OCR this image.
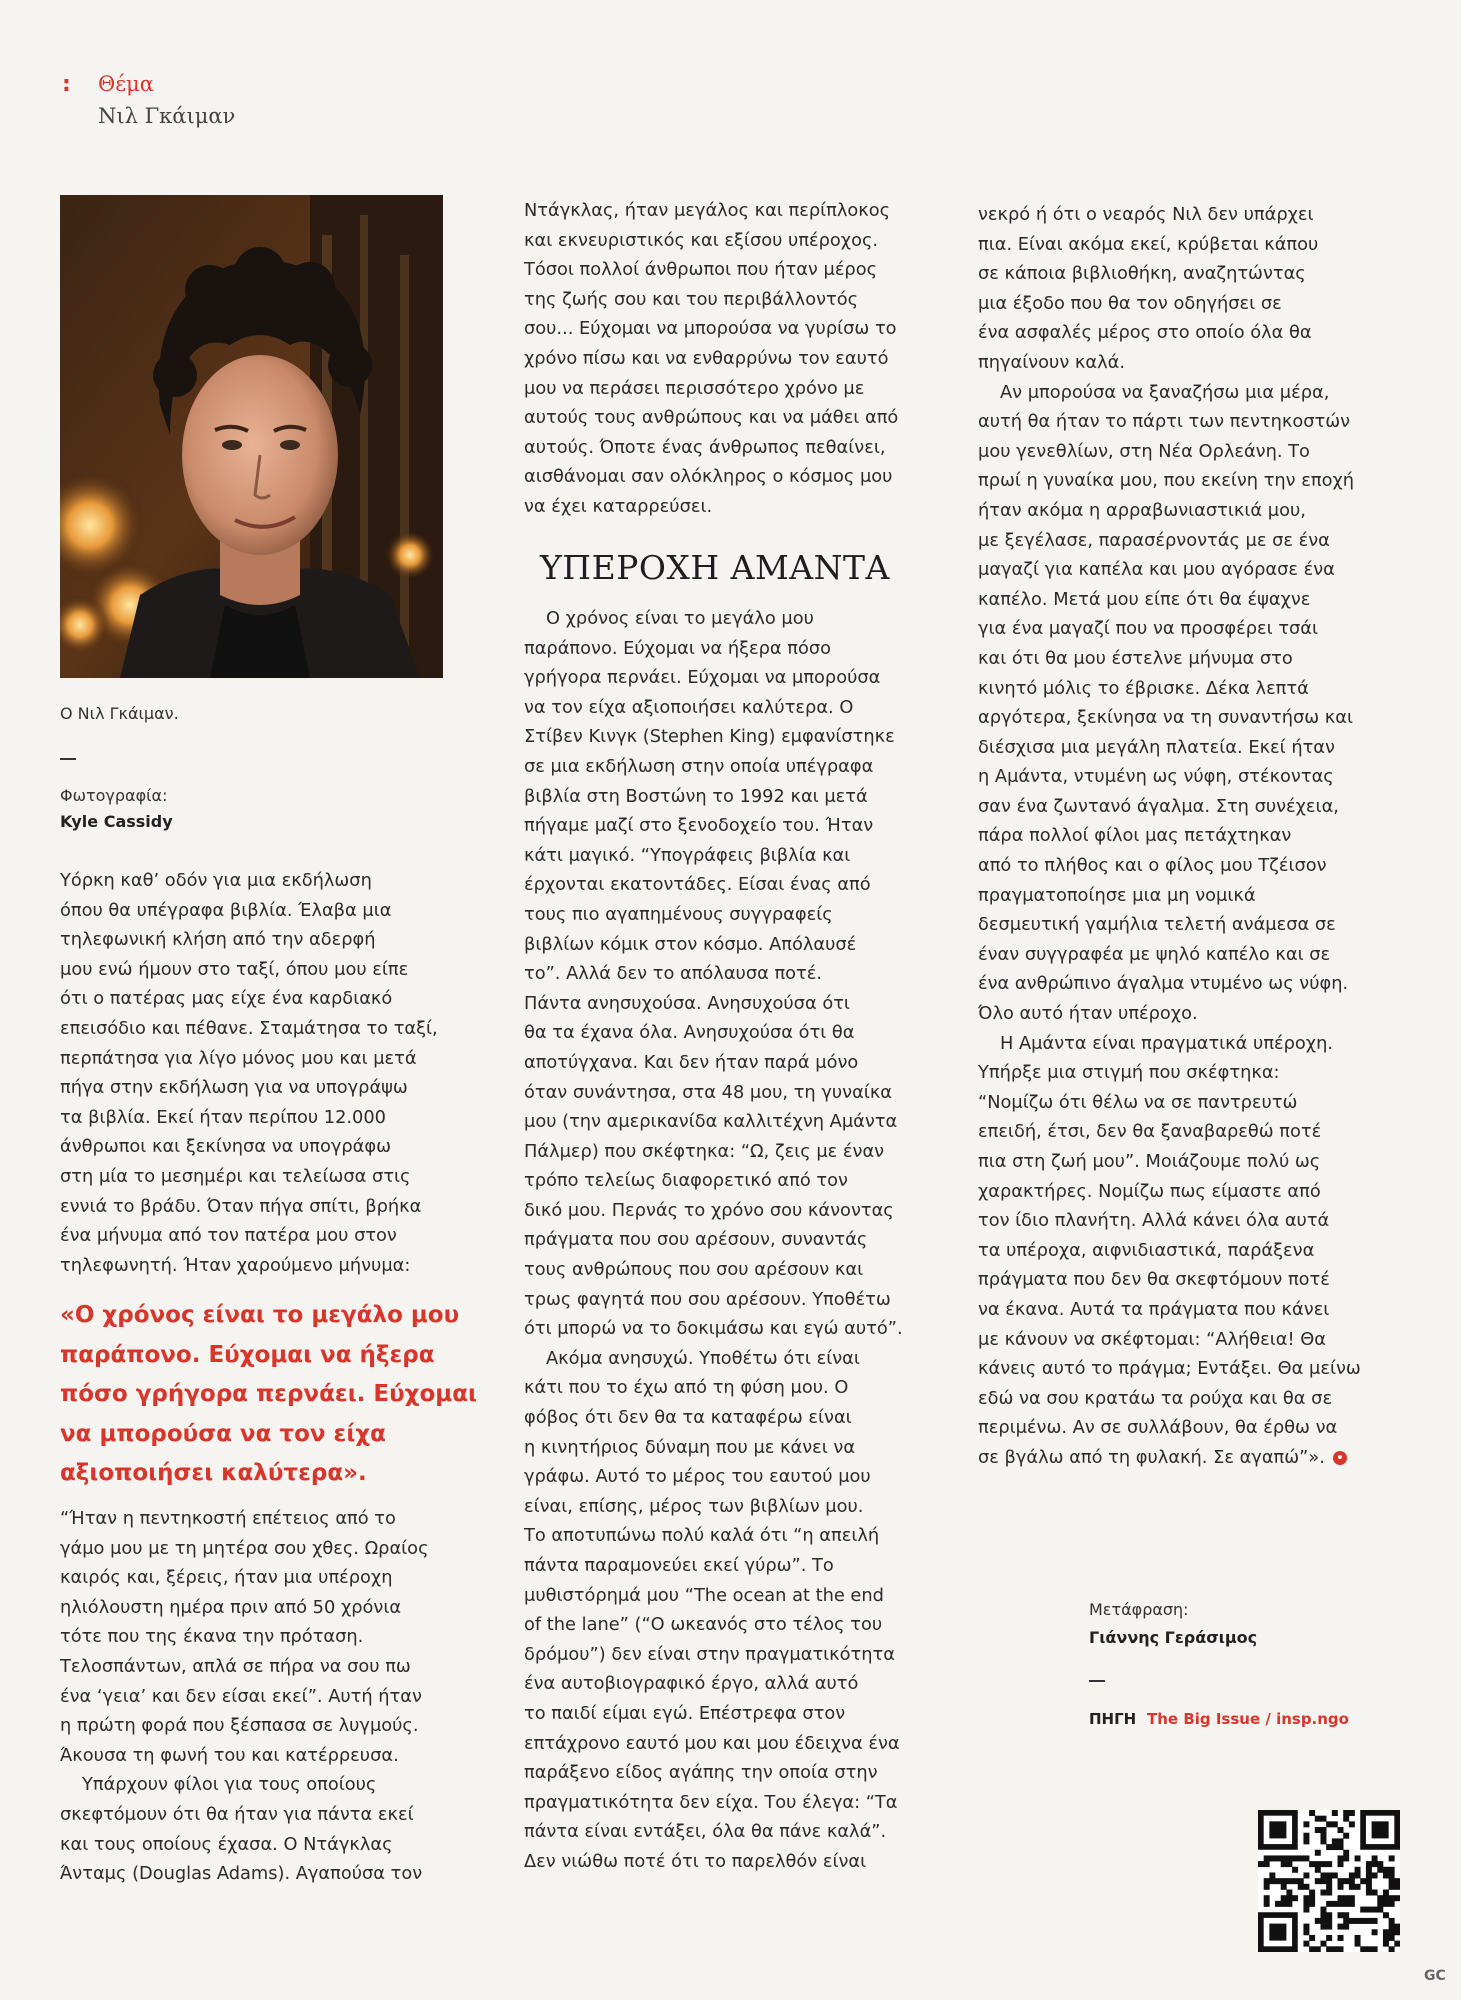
: Θέμα
Νιλ Γκάιμαν
Ο Νιλ Γκάιμαν.
Φωτογραφία:
Kyle Cassidy

Υόρκη καθ’ οδόν για μια εκδήλωση
όπου θα υπέγραφα βιβλία. Έλαβα μια
τηλεφωνική κλήση από την αδερφή
μου ενώ ήμουν στο ταξί, όπου μου είπε
ότι ο πατέρας μας είχε ένα καρδιακό
επεισόδιο και πέθανε. Σταμάτησα το ταξί,
περπάτησα για λίγο μόνος μου και μετά
πήγα στην εκδήλωση για να υπογράψω
τα βιβλία. Εκεί ήταν περίπου 12.000
άνθρωποι και ξεκίνησα να υπογράφω
στη μία το μεσημέρι και τελείωσα στις
εννιά το βράδυ. Όταν πήγα σπίτι, βρήκα
ένα μήνυμα από τον πατέρα μου στον
τηλεφωνητή. Ήταν χαρούμενο μήνυμα:

«Ο χρόνος είναι το μεγάλο μου παράπονο. Εύχομαι να ήξερα πόσο γρήγορα περνάει. Εύχομαι να μπορούσα να τον είχα αξιοποιήσει καλύτερα».

“Ήταν η πεντηκοστή επέτειος από το
γάμο μου με τη μητέρα σου χθες. Ωραίος
καιρός και, ξέρεις, ήταν μια υπέροχη
ηλιόλουστη ημέρα πριν από 50 χρόνια
τότε που της έκανα την πρόταση.
Τελοσπάντων, απλά σε πήρα να σου πω
ένα ‘γεια’ και δεν είσαι εκεί”. Αυτή ήταν
η πρώτη φορά που ξέσπασα σε λυγμούς.
Άκουσα τη φωνή του και κατέρρευσα.
Υπάρχουν φίλοι για τους οποίους
σκεφτόμουν ότι θα ήταν για πάντα εκεί
και τους οποίους έχασα. Ο Ντάγκλας
Άνταμς (Douglas Adams). Αγαπούσα τον

Ντάγκλας, ήταν μεγάλος και περίπλοκος
και εκνευριστικός και εξίσου υπέροχος.
Τόσοι πολλοί άνθρωποι που ήταν μέρος
της ζωής σου και του περιβάλλοντός
σου... Εύχομαι να μπορούσα να γυρίσω το
χρόνο πίσω και να ενθαρρύνω τον εαυτό
μου να περάσει περισσότερο χρόνο με
αυτούς τους ανθρώπους και να μάθει από
αυτούς. Όποτε ένας άνθρωπος πεθαίνει,
αισθάνομαι σαν ολόκληρος ο κόσμος μου
να έχει καταρρεύσει.

ΥΠΕΡΟΧΗ ΑΜΑΝΤΑ

Ο χρόνος είναι το μεγάλο μου
παράπονο. Εύχομαι να ήξερα πόσο
γρήγορα περνάει. Εύχομαι να μπορούσα
να τον είχα αξιοποιήσει καλύτερα. Ο
Στίβεν Κινγκ (Stephen King) εμφανίστηκε
σε μια εκδήλωση στην οποία υπέγραφα
βιβλία στη Βοστώνη το 1992 και μετά
πήγαμε μαζί στο ξενοδοχείο του. Ήταν
κάτι μαγικό. “Υπογράφεις βιβλία και
έρχονται εκατοντάδες. Είσαι ένας από
τους πιο αγαπημένους συγγραφείς
βιβλίων κόμικ στον κόσμο. Απόλαυσέ
το”. Αλλά δεν το απόλαυσα ποτέ.
Πάντα ανησυχούσα. Ανησυχούσα ότι
θα τα έχανα όλα. Ανησυχούσα ότι θα
αποτύγχανα. Και δεν ήταν παρά μόνο
όταν συνάντησα, στα 48 μου, τη γυναίκα
μου (την αμερικανίδα καλλιτέχνη Αμάντα
Πάλμερ) που σκέφτηκα: “Ω, ζεις με έναν
τρόπο τελείως διαφορετικό από τον
δικό μου. Περνάς το χρόνο σου κάνοντας
πράγματα που σου αρέσουν, συναντάς
τους ανθρώπους που σου αρέσουν και
τρως φαγητά που σου αρέσουν. Υποθέτω
ότι μπορώ να το δοκιμάσω και εγώ αυτό”.
Ακόμα ανησυχώ. Υποθέτω ότι είναι
κάτι που το έχω από τη φύση μου. Ο
φόβος ότι δεν θα τα καταφέρω είναι
η κινητήριος δύναμη που με κάνει να
γράφω. Αυτό το μέρος του εαυτού μου
είναι, επίσης, μέρος των βιβλίων μου.
Το αποτυπώνω πολύ καλά ότι “η απειλή
πάντα παραμονεύει εκεί γύρω”. Το
μυθιστόρημά μου “The ocean at the end
of the lane” (“Ο ωκεανός στο τέλος του
δρόμου”) δεν είναι στην πραγματικότητα
ένα αυτοβιογραφικό έργο, αλλά αυτό
το παιδί είμαι εγώ. Επέστρεφα στον
επτάχρονο εαυτό μου και μου έδειχνα ένα
παράξενο είδος αγάπης την οποία στην
πραγματικότητα δεν είχα. Του έλεγα: “Τα
πάντα είναι εντάξει, όλα θα πάνε καλά”.
Δεν νιώθω ποτέ ότι το παρελθόν είναι

νεκρό ή ότι ο νεαρός Νιλ δεν υπάρχει
πια. Είναι ακόμα εκεί, κρύβεται κάπου
σε κάποια βιβλιοθήκη, αναζητώντας
μια έξοδο που θα τον οδηγήσει σε
ένα ασφαλές μέρος στο οποίο όλα θα
πηγαίνουν καλά.
Αν μπορούσα να ξαναζήσω μια μέρα,
αυτή θα ήταν το πάρτι των πεντηκοστών
μου γενεθλίων, στη Νέα Ορλεάνη. Το
πρωί η γυναίκα μου, που εκείνη την εποχή
ήταν ακόμα η αρραβωνιαστικιά μου,
με ξεγέλασε, παρασέρνοντάς με σε ένα
μαγαζί για καπέλα και μου αγόρασε ένα
καπέλο. Μετά μου είπε ότι θα έψαχνε
για ένα μαγαζί που να προσφέρει τσάι
και ότι θα μου έστελνε μήνυμα στο
κινητό μόλις το έβρισκε. Δέκα λεπτά
αργότερα, ξεκίνησα να τη συναντήσω και
διέσχισα μια μεγάλη πλατεία. Εκεί ήταν
η Αμάντα, ντυμένη ως νύφη, στέκοντας
σαν ένα ζωντανό άγαλμα. Στη συνέχεια,
πάρα πολλοί φίλοι μας πετάχτηκαν
από το πλήθος και ο φίλος μου Τζέισον
πραγματοποίησε μια μη νομικά
δεσμευτική γαμήλια τελετή ανάμεσα σε
έναν συγγραφέα με ψηλό καπέλο και σε
ένα ανθρώπινο άγαλμα ντυμένο ως νύφη.
Όλο αυτό ήταν υπέροχο.
Η Αμάντα είναι πραγματικά υπέροχη.
Υπήρξε μια στιγμή που σκέφτηκα:
“Νομίζω ότι θέλω να σε παντρευτώ
επειδή, έτσι, δεν θα ξαναβαρεθώ ποτέ
πια στη ζωή μου”. Μοιάζουμε πολύ ως
χαρακτήρες. Νομίζω πως είμαστε από
τον ίδιο πλανήτη. Αλλά κάνει όλα αυτά
τα υπέροχα, αιφνιδιαστικά, παράξενα
πράγματα που δεν θα σκεφτόμουν ποτέ
να έκανα. Αυτά τα πράγματα που κάνει
με κάνουν να σκέφτομαι: “Αλήθεια! Θα
κάνεις αυτό το πράγμα; Εντάξει. Θα μείνω
εδώ να σου κρατάω τα ρούχα και θα σε
περιμένω. Αν σε συλλάβουν, θα έρθω να
σε βγάλω από τη φυλακή. Σε αγαπώ”».

Μετάφραση:
Γιάννης Γεράσιμος
ΠΗΓΗ The Big Issue / insp.ngo
GC
